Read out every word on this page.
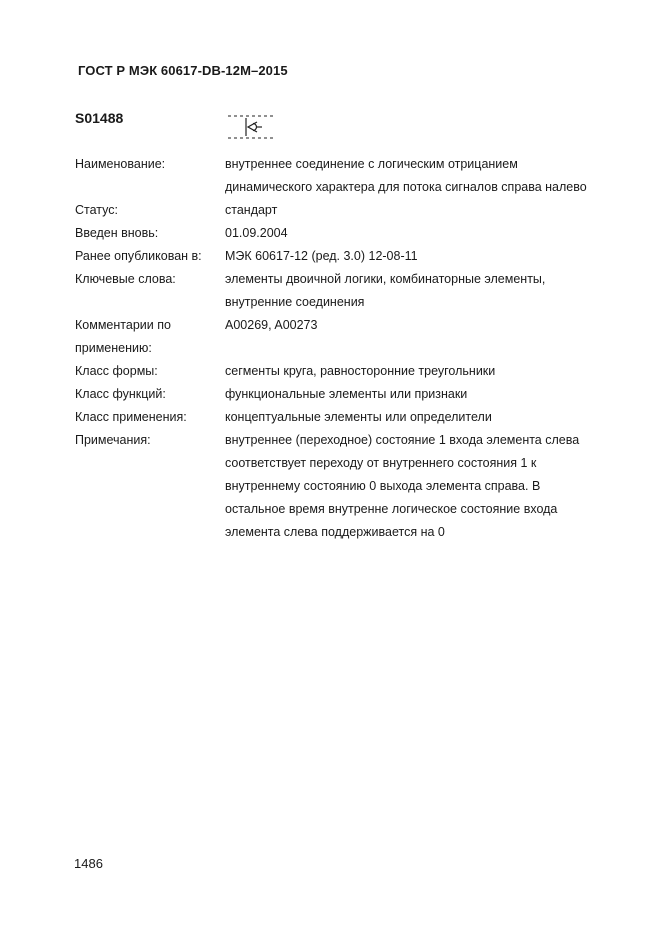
ГОСТ Р МЭК 60617-DB-12M–2015
S01488
Наименование:	внутреннее соединение с логическим отрицанием
динамического характера для потока сигналов справа налево
Статус:	стандарт
Введен вновь:	01.09.2004
Ранее опубликован в:	МЭК 60617-12 (ред. 3.0) 12-08-11
Ключевые слова:	элементы двоичной логики, комбинаторные элементы,
внутренние соединения
Комментарии по
применению:
A00269, A00273
Класс формы:	сегменты круга, равносторонние треугольники
Класс функций:	функциональные элементы или признаки
Класс применения:	концептуальные элементы или определители
Примечания:	внутреннее (переходное) состояние 1 входа элемента слева
соответствует переходу от внутреннего состояния 1 к
внутреннему состоянию 0 выхода элемента справа. В
остальное время внутренне логическое состояние входа
элемента слева поддерживается на 0
1486
